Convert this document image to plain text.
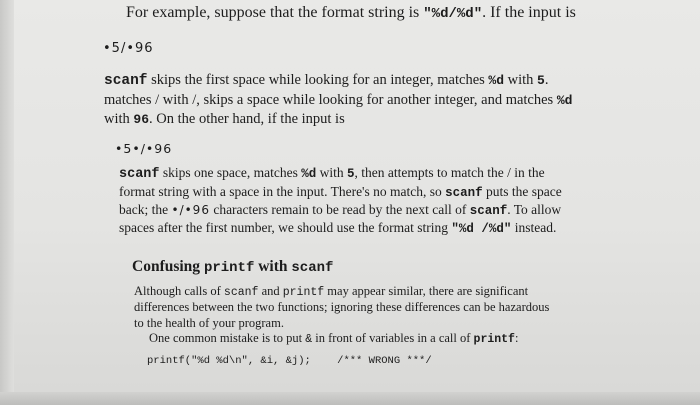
For example, suppose that the format string is "%d/%d". If the input is

•5/•96

scanf skips the first space while looking for an integer, matches %d with 5.

matches / with /, skips a space while looking for another integer, and matches %d

with 96. On the other hand, if the input is

•5•/•96

scanf skips one space, matches %d with 5, then attempts to match the / in the

format string with a space in the input. There's no match, so scanf puts the space

back; the •/•96 characters remain to be read by the next call of scanf. To allow

spaces after the first number, we should use the format string "%d /%d" instead.

Confusing printf with scanf

Although calls of scanf and printf may appear similar, there are significant

differences between the two functions; ignoring these differences can be hazardous

to the health of your program.

One common mistake is to put & in front of variables in a call of printf:

printf("%d %d\n", &i, &j);	/*** WRONG ***/
